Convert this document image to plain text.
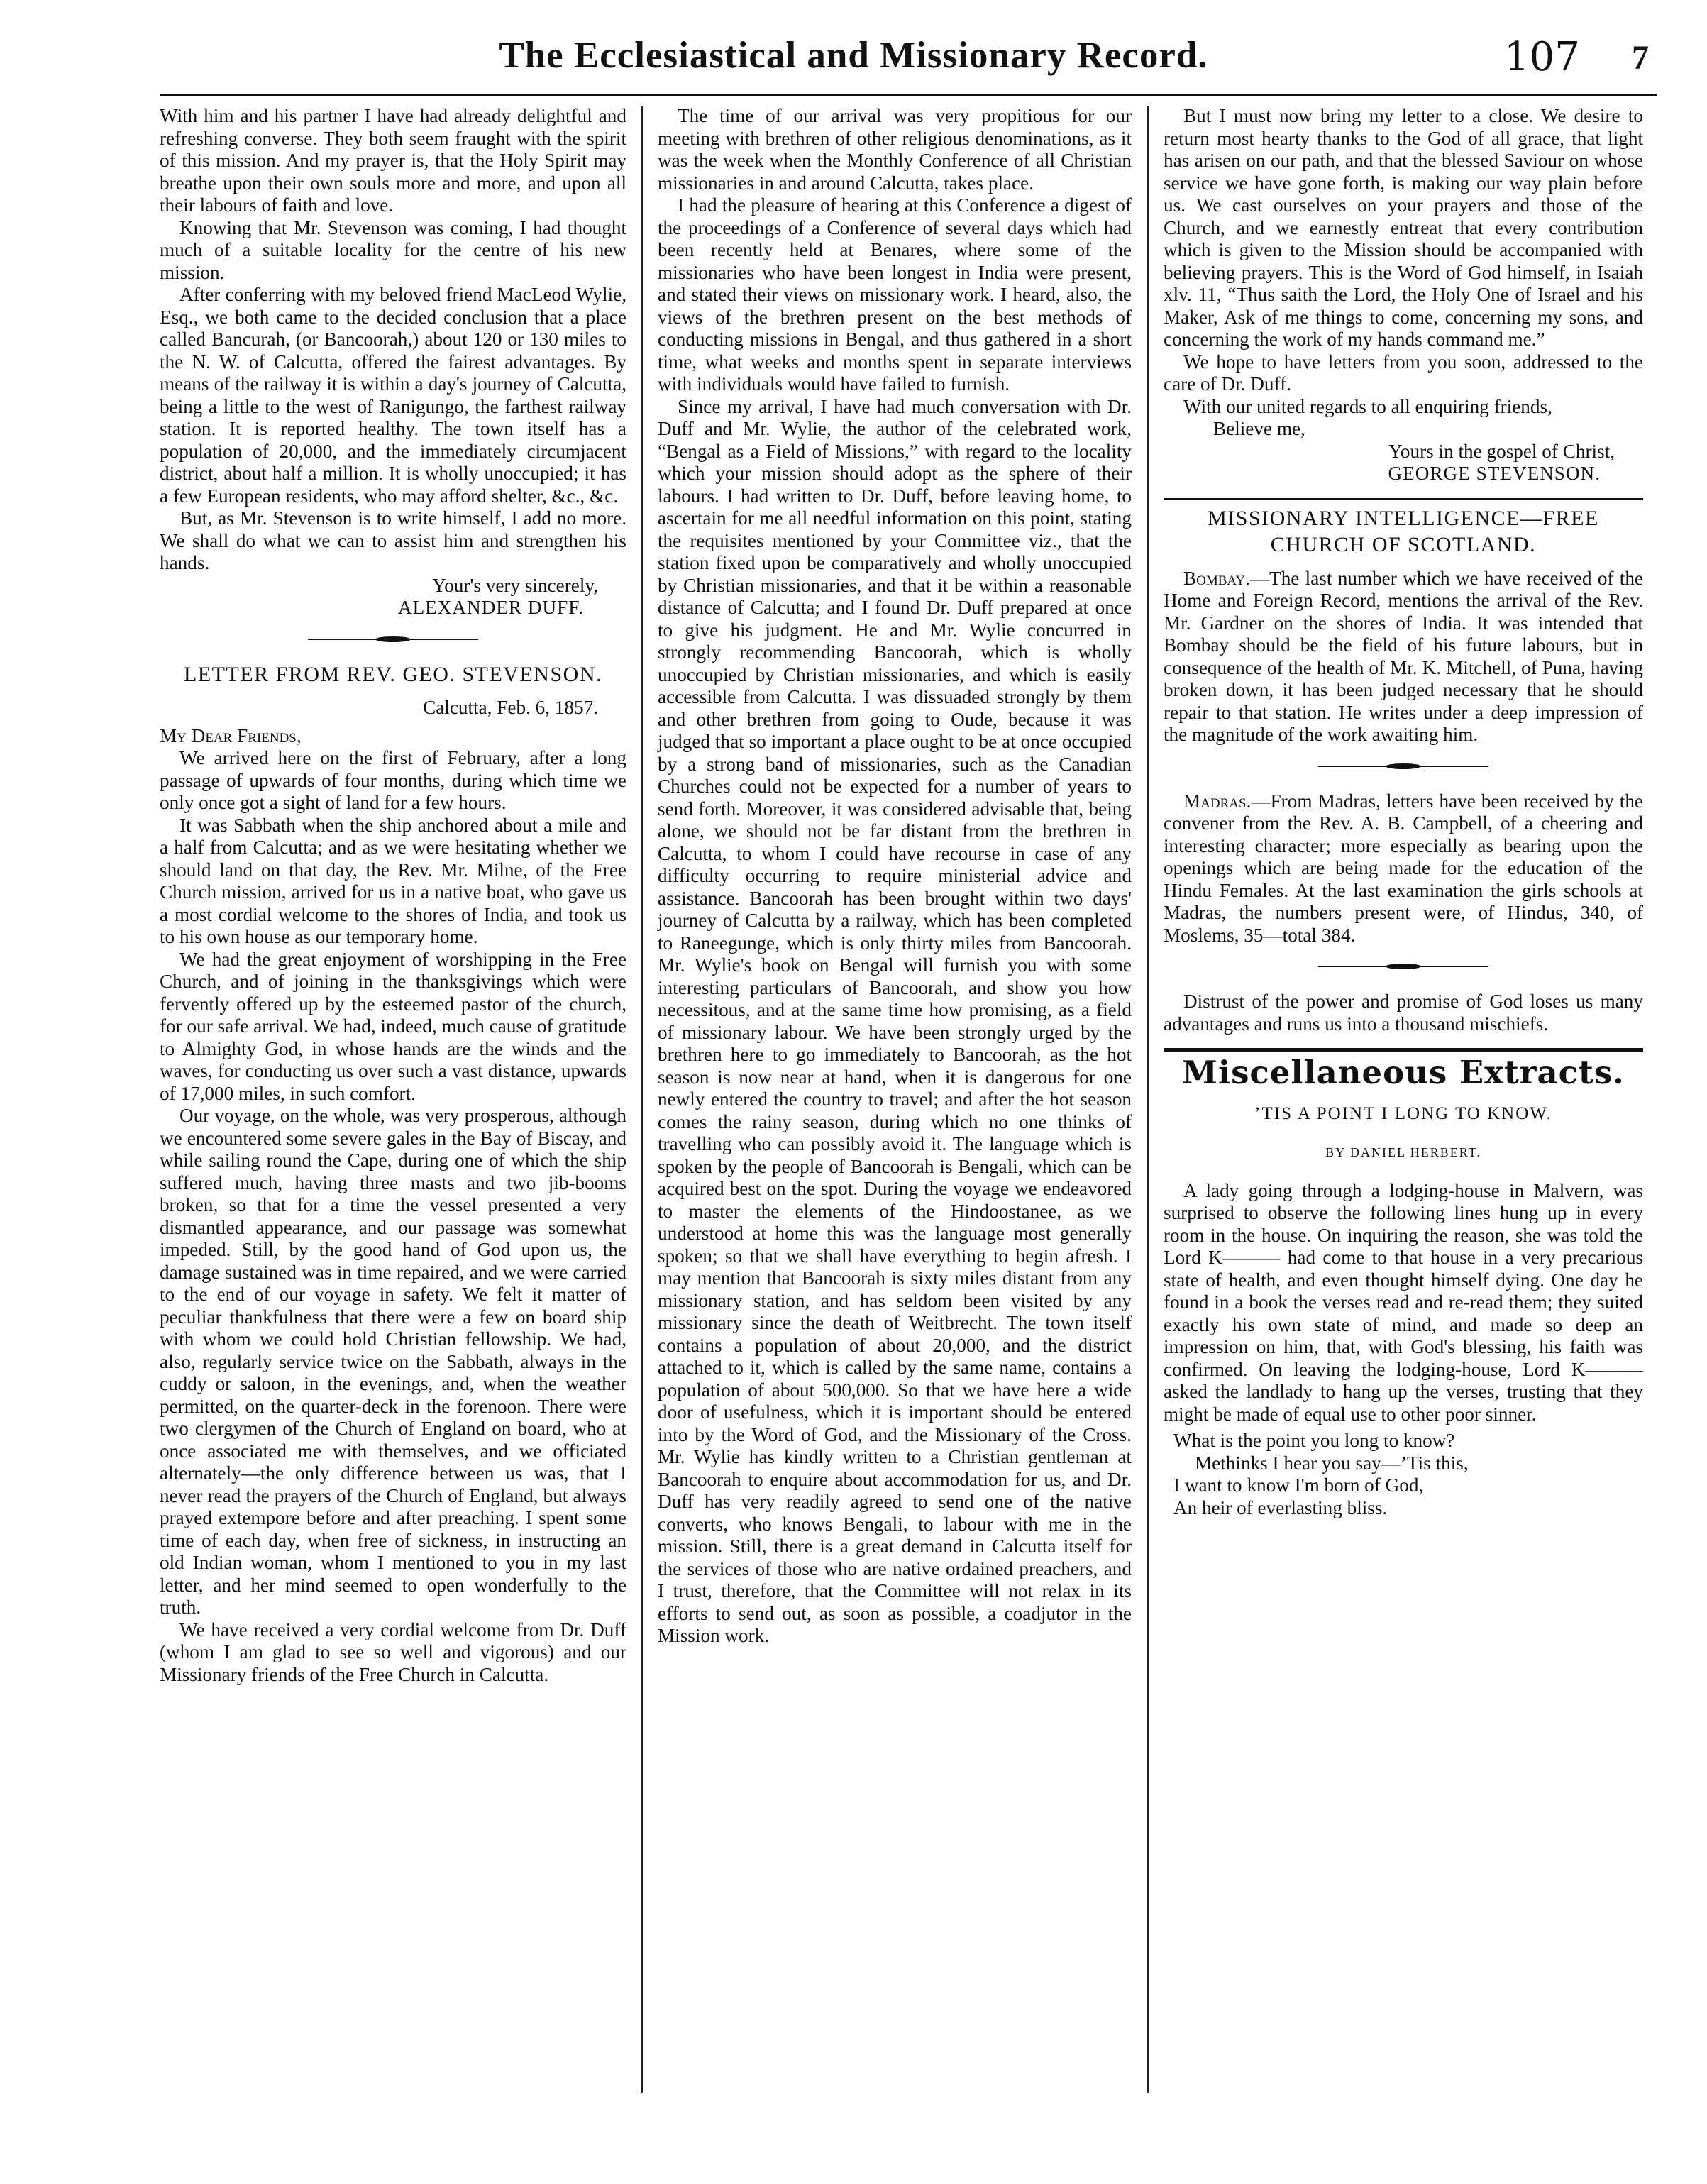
The Ecclesiastical and Missionary Record.	107 7

With him and his partner I have had already delightful and refreshing converse. They both seem fraught with the spirit of this mission. And my prayer is, that the Holy Spirit may breathe upon their own souls more and more, and upon all their labours of faith and love.

Knowing that Mr. Stevenson was coming, I had thought much of a suitable locality for the centre of his new mission.

After conferring with my beloved friend MacLeod Wylie, Esq., we both came to the decided conclusion that a place called Bancurah, (or Bancoorah,) about 120 or 130 miles to the N. W. of Calcutta, offered the fairest advantages. By means of the railway it is within a day's journey of Calcutta, being a little to the west of Ranigungo, the farthest railway station. It is reported healthy. The town itself has a population of 20,000, and the immediately circumjacent district, about half a million. It is wholly unoccupied; it has a few European residents, who may afford shelter, &c., &c.

But, as Mr. Stevenson is to write himself, I add no more. We shall do what we can to assist him and strengthen his hands.

Your's very sincerely,

ALEXANDER DUFF.

LETTER FROM REV. GEO. STEVENSON.

Calcutta, Feb. 6, 1857.

My Dear Friends,

We arrived here on the first of February, after a long passage of upwards of four months, during which time we only once got a sight of land for a few hours.

It was Sabbath when the ship anchored about a mile and a half from Calcutta; and as we were hesitating whether we should land on that day, the Rev. Mr. Milne, of the Free Church mission, arrived for us in a native boat, who gave us a most cordial welcome to the shores of India, and took us to his own house as our temporary home.

We had the great enjoyment of worshipping in the Free Church, and of joining in the thanksgivings which were fervently offered up by the esteemed pastor of the church, for our safe arrival. We had, indeed, much cause of gratitude to Almighty God, in whose hands are the winds and the waves, for conducting us over such a vast distance, upwards of 17,000 miles, in such comfort.

Our voyage, on the whole, was very prosperous, although we encountered some severe gales in the Bay of Biscay, and while sailing round the Cape, during one of which the ship suffered much, having three masts and two jib-booms broken, so that for a time the vessel presented a very dismantled appearance, and our passage was somewhat impeded. Still, by the good hand of God upon us, the damage sustained was in time repaired, and we were carried to the end of our voyage in safety. We felt it matter of peculiar thankfulness that there were a few on board ship with whom we could hold Christian fellowship. We had, also, regularly service twice on the Sabbath, always in the cuddy or saloon, in the evenings, and, when the weather permitted, on the quarter-deck in the forenoon. There were two clergymen of the Church of England on board, who at once associated me with themselves, and we officiated alternately—the only difference between us was, that I never read the prayers of the Church of England, but always prayed extempore before and after preaching. I spent some time of each day, when free of sickness, in instructing an old Indian woman, whom I mentioned to you in my last letter, and her mind seemed to open wonderfully to the truth.

We have received a very cordial welcome from Dr. Duff (whom I am glad to see so well and vigorous) and our Missionary friends of the Free Church in Calcutta.

The time of our arrival was very propitious for our meeting with brethren of other religious denominations, as it was the week when the Monthly Conference of all Christian missionaries in and around Calcutta, takes place.

I had the pleasure of hearing at this Conference a digest of the proceedings of a Conference of several days which had been recently held at Benares, where some of the missionaries who have been longest in India were present, and stated their views on missionary work. I heard, also, the views of the brethren present on the best methods of conducting missions in Bengal, and thus gathered in a short time, what weeks and months spent in separate interviews with individuals would have failed to furnish.

Since my arrival, I have had much conversation with Dr. Duff and Mr. Wylie, the author of the celebrated work, “Bengal as a Field of Missions,” with regard to the locality which your mission should adopt as the sphere of their labours. I had written to Dr. Duff, before leaving home, to ascertain for me all needful information on this point, stating the requisites mentioned by your Committee viz., that the station fixed upon be comparatively and wholly unoccupied by Christian missionaries, and that it be within a reasonable distance of Calcutta; and I found Dr. Duff prepared at once to give his judgment. He and Mr. Wylie concurred in strongly recommending Bancoorah, which is wholly unoccupied by Christian missionaries, and which is easily accessible from Calcutta. I was dissuaded strongly by them and other brethren from going to Oude, because it was judged that so important a place ought to be at once occupied by a strong band of missionaries, such as the Canadian Churches could not be expected for a number of years to send forth. Moreover, it was considered advisable that, being alone, we should not be far distant from the brethren in Calcutta, to whom I could have recourse in case of any difficulty occurring to require ministerial advice and assistance. Bancoorah has been brought within two days' journey of Calcutta by a railway, which has been completed to Raneegunge, which is only thirty miles from Bancoorah. Mr. Wylie's book on Bengal will furnish you with some interesting particulars of Bancoorah, and show you how necessitous, and at the same time how promising, as a field of missionary labour. We have been strongly urged by the brethren here to go immediately to Bancoorah, as the hot season is now near at hand, when it is dangerous for one newly entered the country to travel; and after the hot season comes the rainy season, during which no one thinks of travelling who can possibly avoid it. The language which is spoken by the people of Bancoorah is Bengali, which can be acquired best on the spot. During the voyage we endeavored to master the elements of the Hindoostanee, as we understood at home this was the language most generally spoken; so that we shall have everything to begin afresh. I may mention that Bancoorah is sixty miles distant from any missionary station, and has seldom been visited by any missionary since the death of Weitbrecht. The town itself contains a population of about 20,000, and the district attached to it, which is called by the same name, contains a population of about 500,000. So that we have here a wide door of usefulness, which it is important should be entered into by the Word of God, and the Missionary of the Cross. Mr. Wylie has kindly written to a Christian gentleman at Bancoorah to enquire about accommodation for us, and Dr. Duff has very readily agreed to send one of the native converts, who knows Bengali, to labour with me in the mission. Still, there is a great demand in Calcutta itself for the services of those who are native ordained preachers, and I trust, therefore, that the Committee will not relax in its efforts to send out, as soon as possible, a coadjutor in the Mission work.

But I must now bring my letter to a close. We desire to return most hearty thanks to the God of all grace, that light has arisen on our path, and that the blessed Saviour on whose service we have gone forth, is making our way plain before us. We cast ourselves on your prayers and those of the Church, and we earnestly entreat that every contribution which is given to the Mission should be accompanied with believing prayers. This is the Word of God himself, in Isaiah xlv. 11, “Thus saith the Lord, the Holy One of Israel and his Maker, Ask of me things to come, concerning my sons, and concerning the work of my hands command me.”

We hope to have letters from you soon, addressed to the care of Dr. Duff.

With our united regards to all enquiring friends,

Believe me,

Yours in the gospel of Christ,

GEORGE STEVENSON.

MISSIONARY INTELLIGENCE—FREE

CHURCH OF SCOTLAND.

Bombay.—The last number which we have received of the Home and Foreign Record, mentions the arrival of the Rev. Mr. Gardner on the shores of India. It was intended that Bombay should be the field of his future labours, but in consequence of the health of Mr. K. Mitchell, of Puna, having broken down, it has been judged necessary that he should repair to that station. He writes under a deep impression of the magnitude of the work awaiting him.

Madras.—From Madras, letters have been received by the convener from the Rev. A. B. Campbell, of a cheering and interesting character; more especially as bearing upon the openings which are being made for the education of the Hindu Females. At the last examination the girls schools at Madras, the numbers present were, of Hindus, 340, of Moslems, 35—total 384.

Distrust of the power and promise of God loses us many advantages and runs us into a thousand mischiefs.

Miscellaneous Extracts.

’TIS A POINT I LONG TO KNOW.

BY DANIEL HERBERT.

A lady going through a lodging-house in Malvern, was surprised to observe the following lines hung up in every room in the house. On inquiring the reason, she was told the Lord K——— had come to that house in a very precarious state of health, and even thought himself dying. One day he found in a book the verses read and re-read them; they suited exactly his own state of mind, and made so deep an impression on him, that, with God's blessing, his faith was confirmed. On leaving the lodging-house, Lord K——— asked the landlady to hang up the verses, trusting that they might be made of equal use to other poor sinner.

What is the point you long to know?

Methinks I hear you say—’Tis this,

I want to know I'm born of God,

An heir of everlasting bliss.
